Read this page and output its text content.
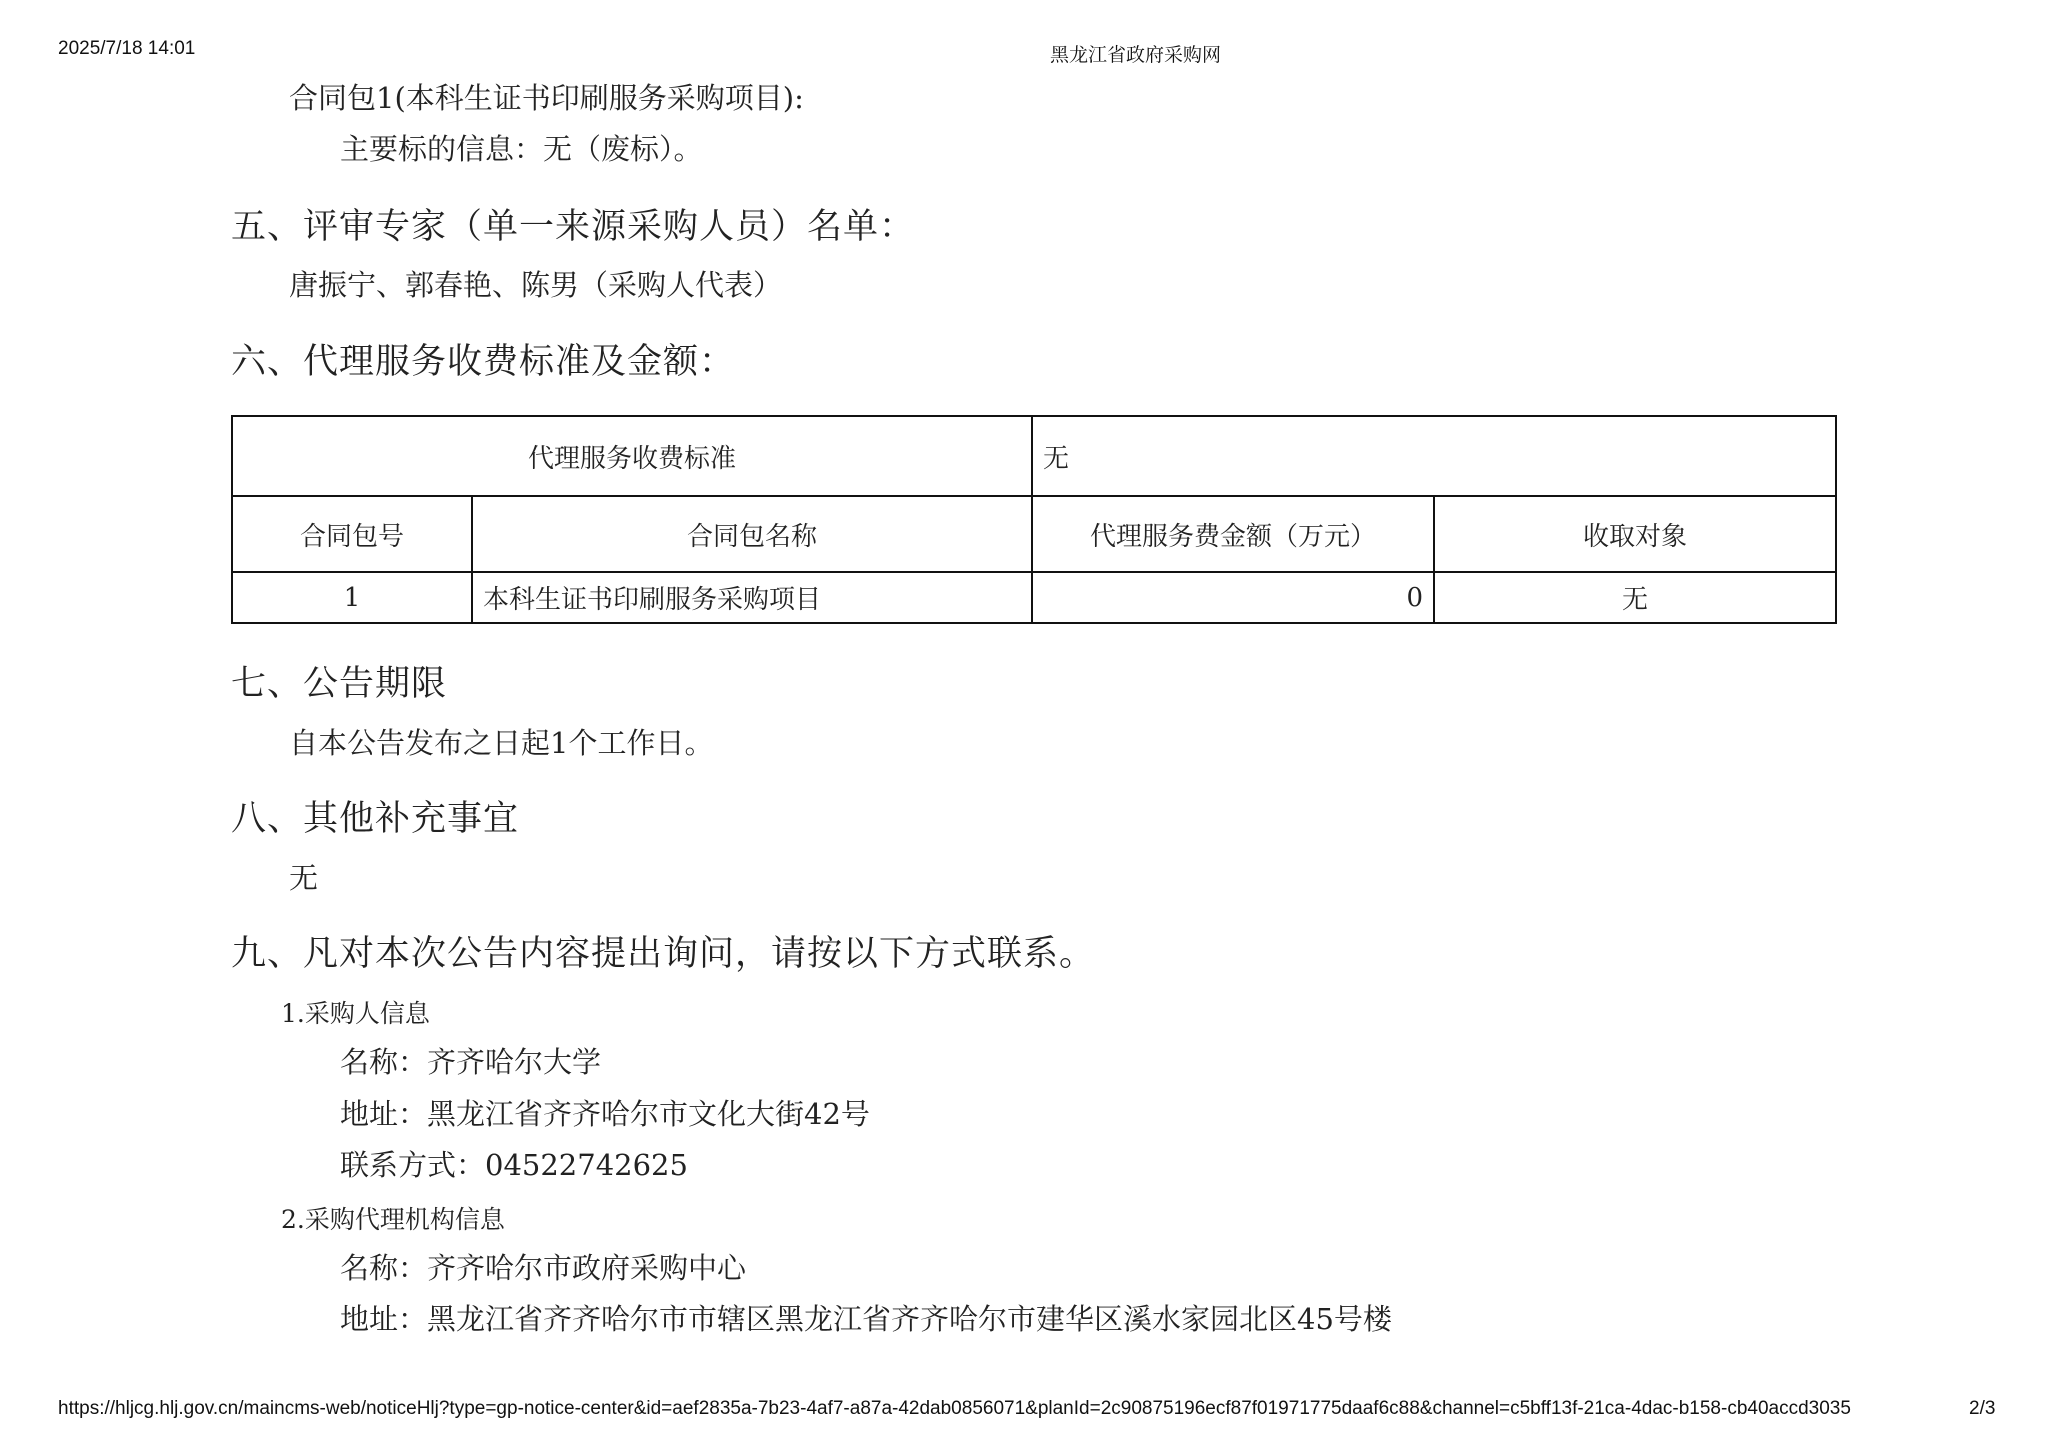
2025/7/18 14:01	黑龙江省政府采购网
合同包1(本科生证书印刷服务采购项目):
主要标的信息：无（废标）。
五、评审专家（单一来源采购人员）名单：
唐振宁、郭春艳、陈男（采购人代表）
六、代理服务收费标准及金额：
代理服务收费标准		无	
合同包号	合同包名称	代理服务费金额（万元）	收取对象
1	本科生证书印刷服务采购项目	0	无
七、公告期限
自本公告发布之日起1个工作日。
八、其他补充事宜
无
九、凡对本次公告内容提出询问，请按以下方式联系。
1.采购人信息
名称：齐齐哈尔大学
地址：黑龙江省齐齐哈尔市文化大街42号
联系方式：04522742625
2.采购代理机构信息
名称：齐齐哈尔市政府采购中心
地址：黑龙江省齐齐哈尔市市辖区黑龙江省齐齐哈尔市建华区溪水家园北区45号楼
https://hljcg.hlj.gov.cn/maincms-web/noticeHlj?type=gp-notice-center&id=aef2835a-7b23-4af7-a87a-42dab0856071&planId=2c90875196ecf87f01971775daaf6c88&channel=c5bff13f-21ca-4dac-b158-cb40accd3035	2/3
